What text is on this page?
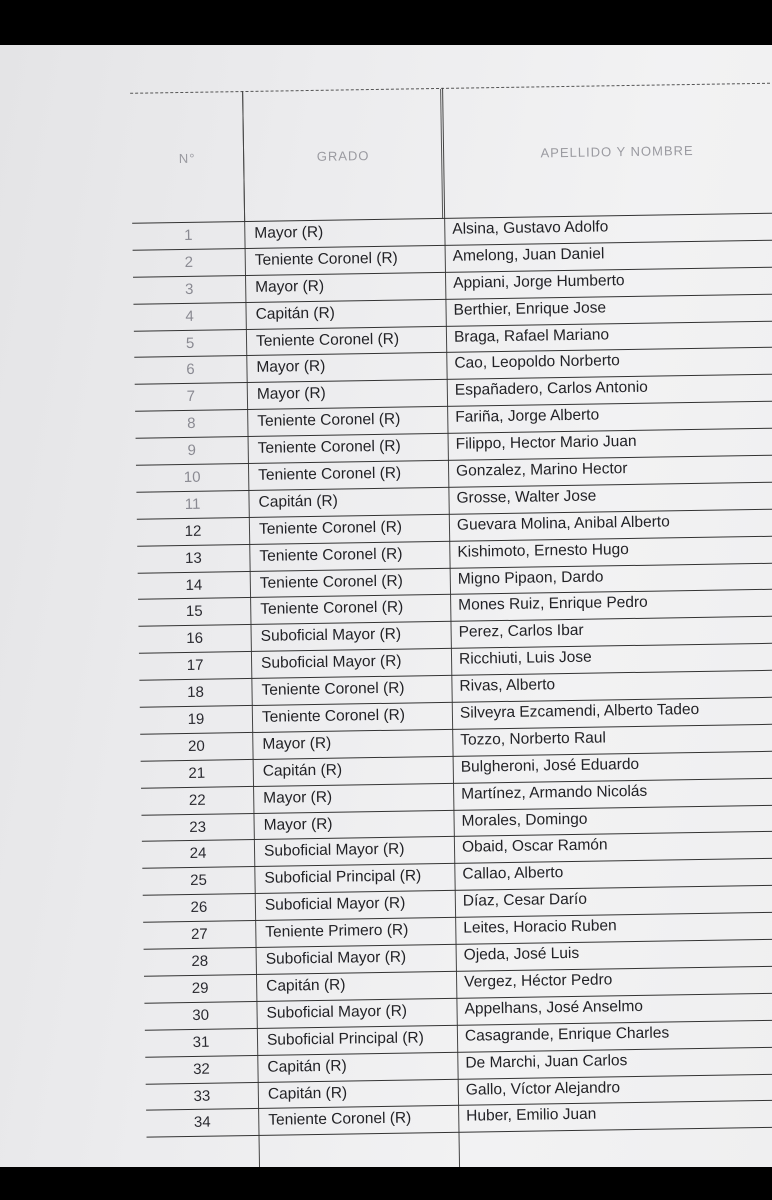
N°	GRADO	APELLIDO Y NOMBRE
1	Mayor (R)	Alsina, Gustavo Adolfo
2	Teniente Coronel (R)	Amelong, Juan Daniel
3	Mayor (R)	Appiani, Jorge Humberto
4	Capitán (R)	Berthier, Enrique Jose
5	Teniente Coronel (R)	Braga, Rafael Mariano
6	Mayor (R)	Cao, Leopoldo Norberto
7	Mayor (R)	Españadero, Carlos Antonio
8	Teniente Coronel (R)	Fariña, Jorge Alberto
9	Teniente Coronel (R)	Filippo, Hector Mario Juan
10	Teniente Coronel (R)	Gonzalez, Marino Hector
11	Capitán (R)	Grosse, Walter Jose
12	Teniente Coronel (R)	Guevara Molina, Anibal Alberto
13	Teniente Coronel (R)	Kishimoto, Ernesto Hugo
14	Teniente Coronel (R)	Migno Pipaon, Dardo
15	Teniente Coronel (R)	Mones Ruiz, Enrique Pedro
16	Suboficial Mayor (R)	Perez, Carlos Ibar
17	Suboficial Mayor (R)	Ricchiuti, Luis Jose
18	Teniente Coronel (R)	Rivas, Alberto
19	Teniente Coronel (R)	Silveyra Ezcamendi, Alberto Tadeo
20	Mayor (R)	Tozzo, Norberto Raul
21	Capitán (R)	Bulgheroni, José Eduardo
22	Mayor (R)	Martínez, Armando Nicolás
23	Mayor (R)	Morales, Domingo
24	Suboficial Mayor (R)	Obaid, Oscar Ramón
25	Suboficial Principal (R)	Callao, Alberto
26	Suboficial Mayor (R)	Díaz, Cesar Darío
27	Teniente Primero (R)	Leites, Horacio Ruben
28	Suboficial Mayor (R)	Ojeda, José Luis
29	Capitán (R)	Vergez, Héctor Pedro
30	Suboficial Mayor (R)	Appelhans, José Anselmo
31	Suboficial Principal (R)	Casagrande, Enrique Charles
32	Capitán (R)	De Marchi, Juan Carlos
33	Capitán (R)	Gallo, Víctor Alejandro
34	Teniente Coronel (R)	Huber, Emilio Juan
